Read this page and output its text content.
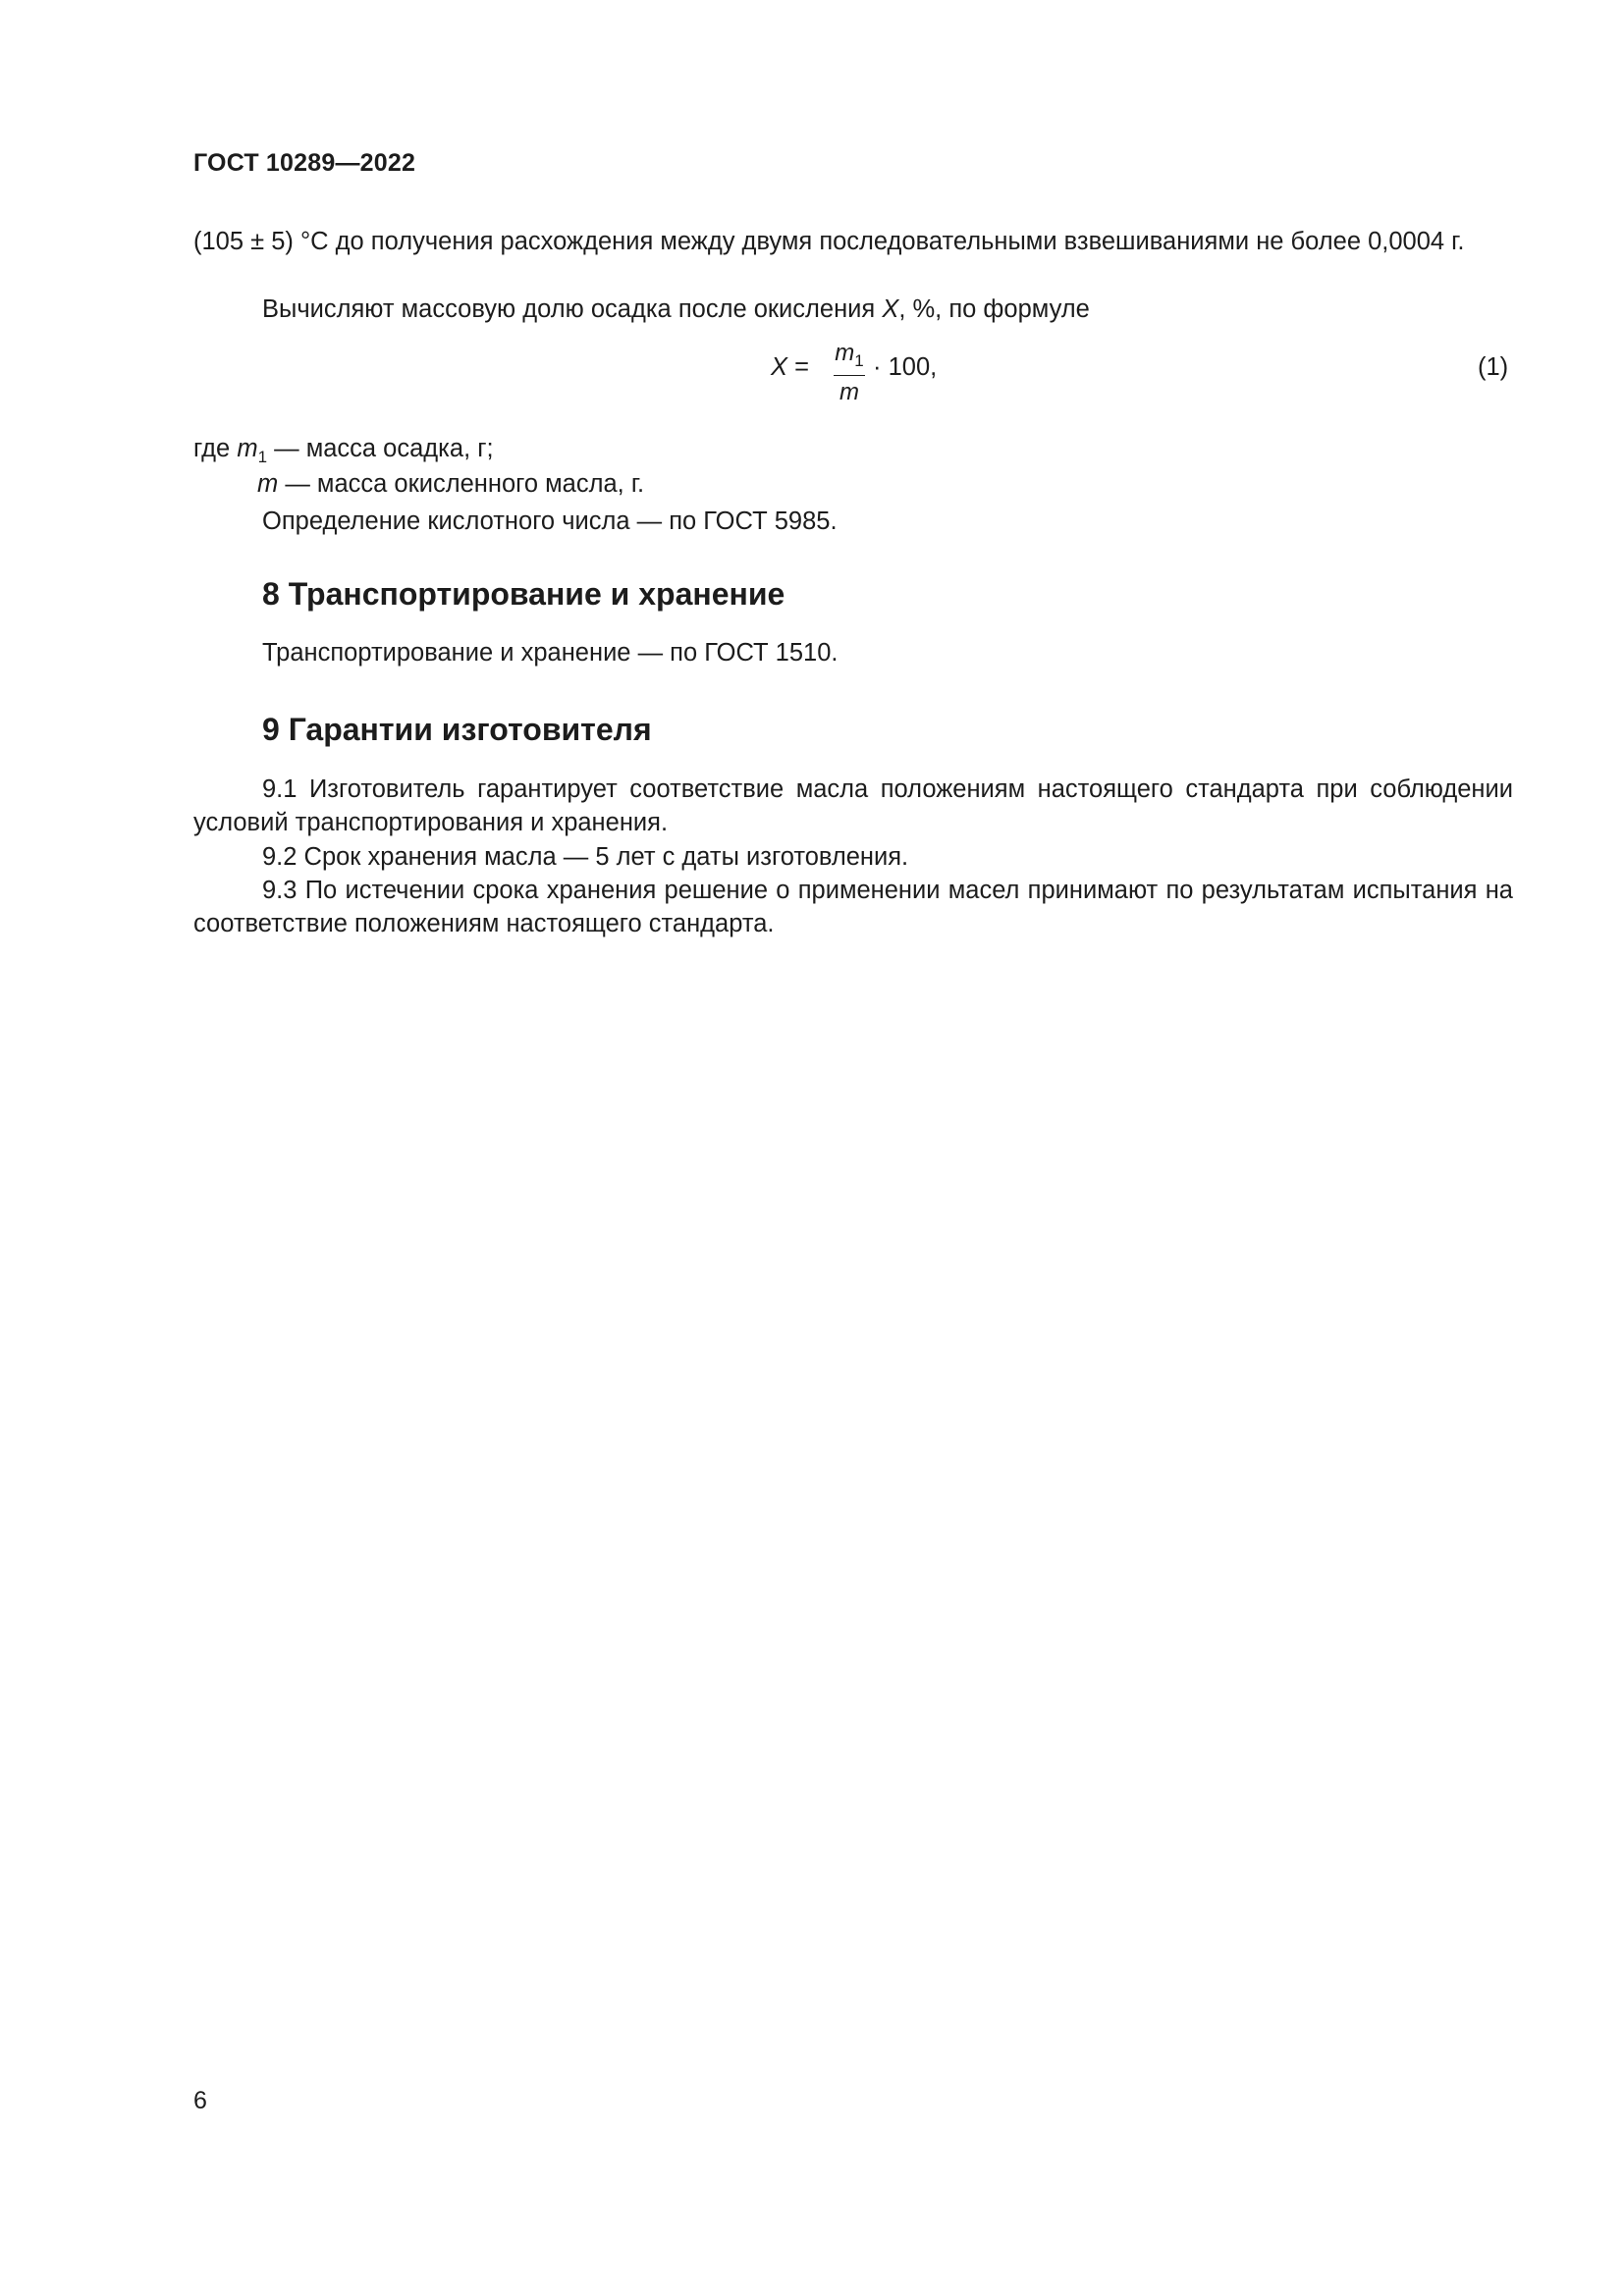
ГОСТ 10289—2022
(105 ± 5) °С до получения расхождения между двумя последовательными взвешиваниями не более 0,0004 г.
Вычисляют массовую долю осадка после окисления X, %, по формуле
X =
$m_1$
m
· 100,	(1)
где $m_1$ — масса осадка, г;
m — масса окисленного масла, г.
Определение кислотного числа — по ГОСТ 5985.
8 Транспортирование и хранение
Транспортирование и хранение — по ГОСТ 1510.
9 Гарантии изготовителя
9.1 Изготовитель гарантирует соответствие масла положениям настоящего стандарта при соблюдении условий транспортирования и хранения.
9.2 Срок хранения масла — 5 лет с даты изготовления.
9.3 По истечении срока хранения решение о применении масел принимают по результатам испытания на соответствие положениям настоящего стандарта.
6
